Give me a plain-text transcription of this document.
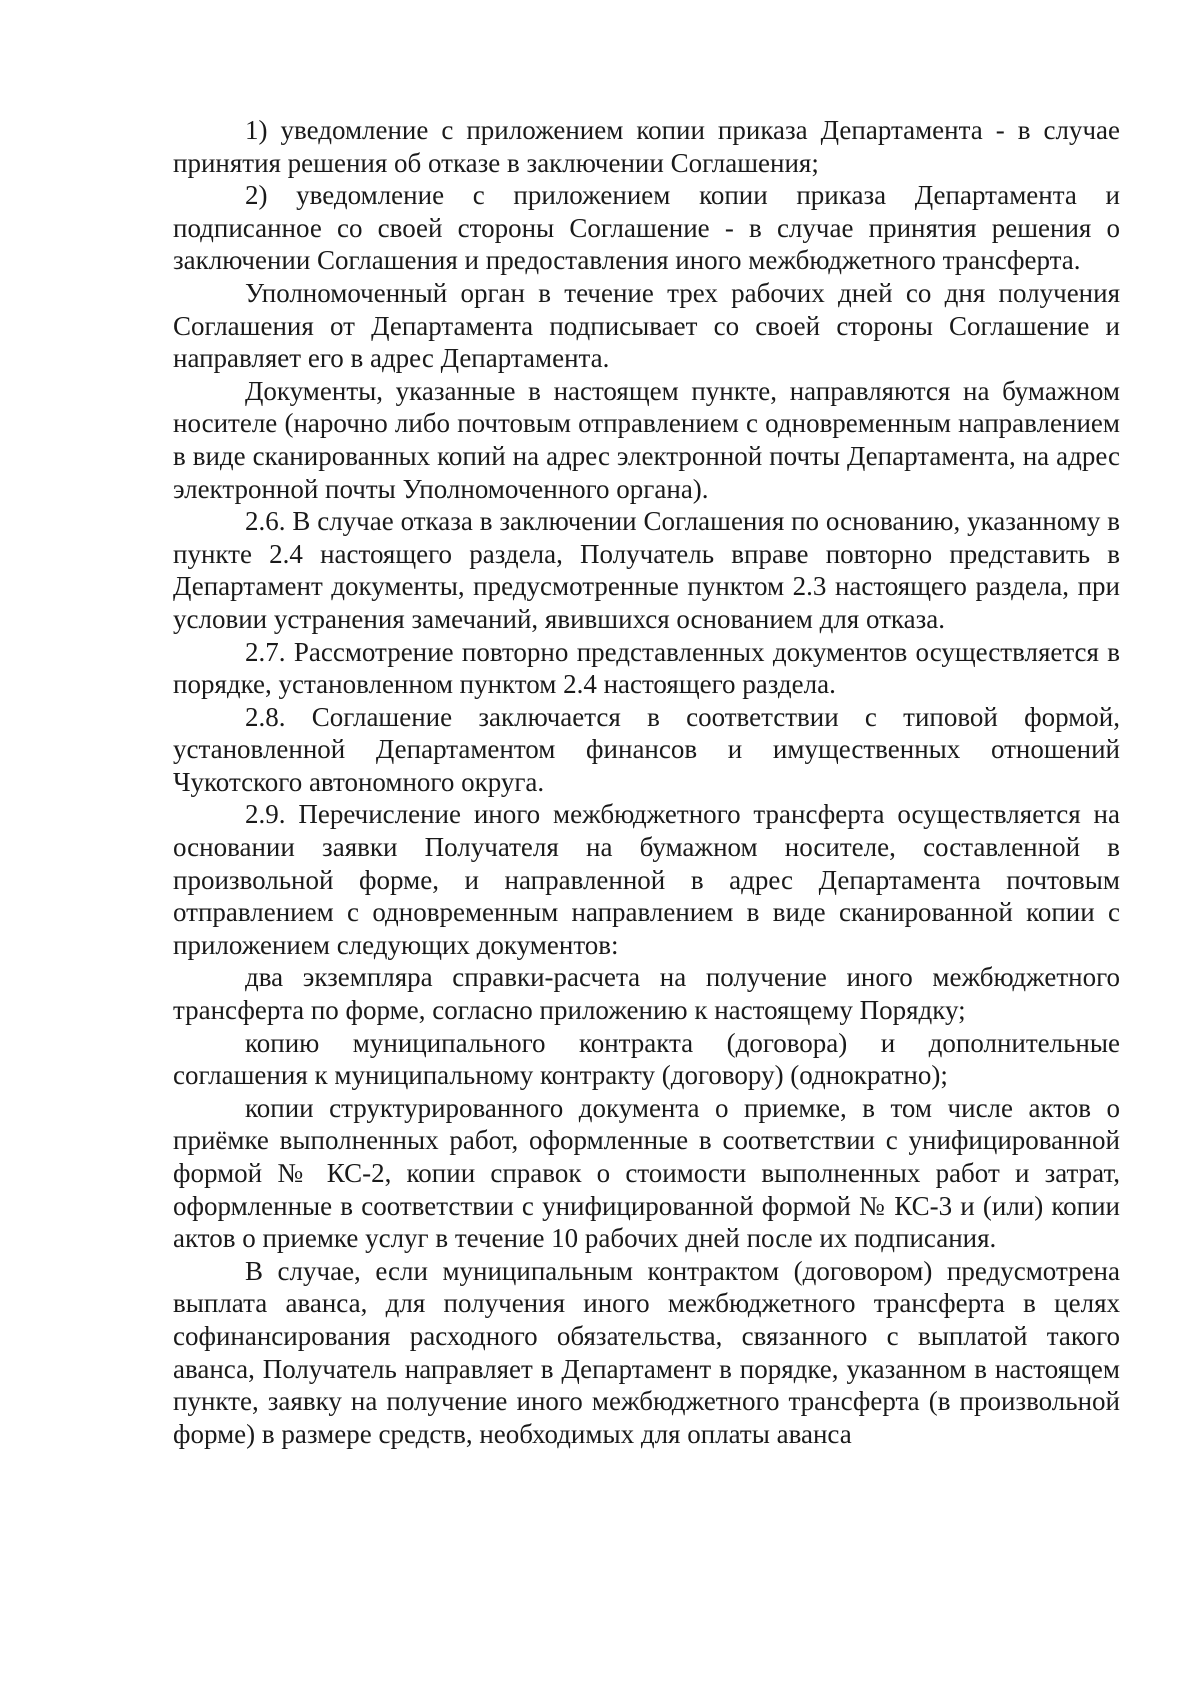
1) уведомление с приложением копии приказа Департамента - в случае принятия решения об отказе в заключении Соглашения;

2) уведомление с приложением копии приказа Департамента и подписанное со своей стороны Соглашение - в случае принятия решения о заключении Соглашения и предоставления иного межбюджетного трансферта.

Уполномоченный орган в течение трех рабочих дней со дня получения Соглашения от Департамента подписывает со своей стороны Соглашение и направляет его в адрес Департамента.

Документы, указанные в настоящем пункте, направляются на бумажном носителе (нарочно либо почтовым отправлением с одновременным направлением в виде сканированных копий на адрес электронной почты Департамента, на адрес электронной почты Уполномоченного органа).

2.6. В случае отказа в заключении Соглашения по основанию, указанному в пункте 2.4 настоящего раздела, Получатель вправе повторно представить в Департамент документы, предусмотренные пунктом 2.3 настоящего раздела, при условии устранения замечаний, явившихся основанием для отказа.

2.7. Рассмотрение повторно представленных документов осуществляется в порядке, установленном пунктом 2.4 настоящего раздела.

2.8. Соглашение заключается в соответствии с типовой формой, установленной Департаментом финансов и имущественных отношений Чукотского автономного округа.

2.9. Перечисление иного межбюджетного трансферта осуществляется на основании заявки Получателя на бумажном носителе, составленной в произвольной форме, и направленной в адрес Департамента почтовым отправлением с одновременным направлением в виде сканированной копии с приложением следующих документов:

два экземпляра справки-расчета на получение иного межбюджетного трансферта по форме, согласно приложению к настоящему Порядку;

копию муниципального контракта (договора) и дополнительные соглашения к муниципальному контракту (договору) (однократно);

копии структурированного документа о приемке, в том числе актов о приёмке выполненных работ, оформленные в соответствии с унифицированной формой № КС-2, копии справок о стоимости выполненных работ и затрат, оформленные в соответствии с унифицированной формой № КС-3 и (или) копии актов о приемке услуг в течение 10 рабочих дней после их подписания.

В случае, если муниципальным контрактом (договором) предусмотрена выплата аванса, для получения иного межбюджетного трансферта в целях софинансирования расходного обязательства, связанного с выплатой такого аванса, Получатель направляет в Департамент в порядке, указанном в настоящем пункте, заявку на получение иного межбюджетного трансферта (в произвольной форме) в размере средств, необходимых для оплаты аванса
